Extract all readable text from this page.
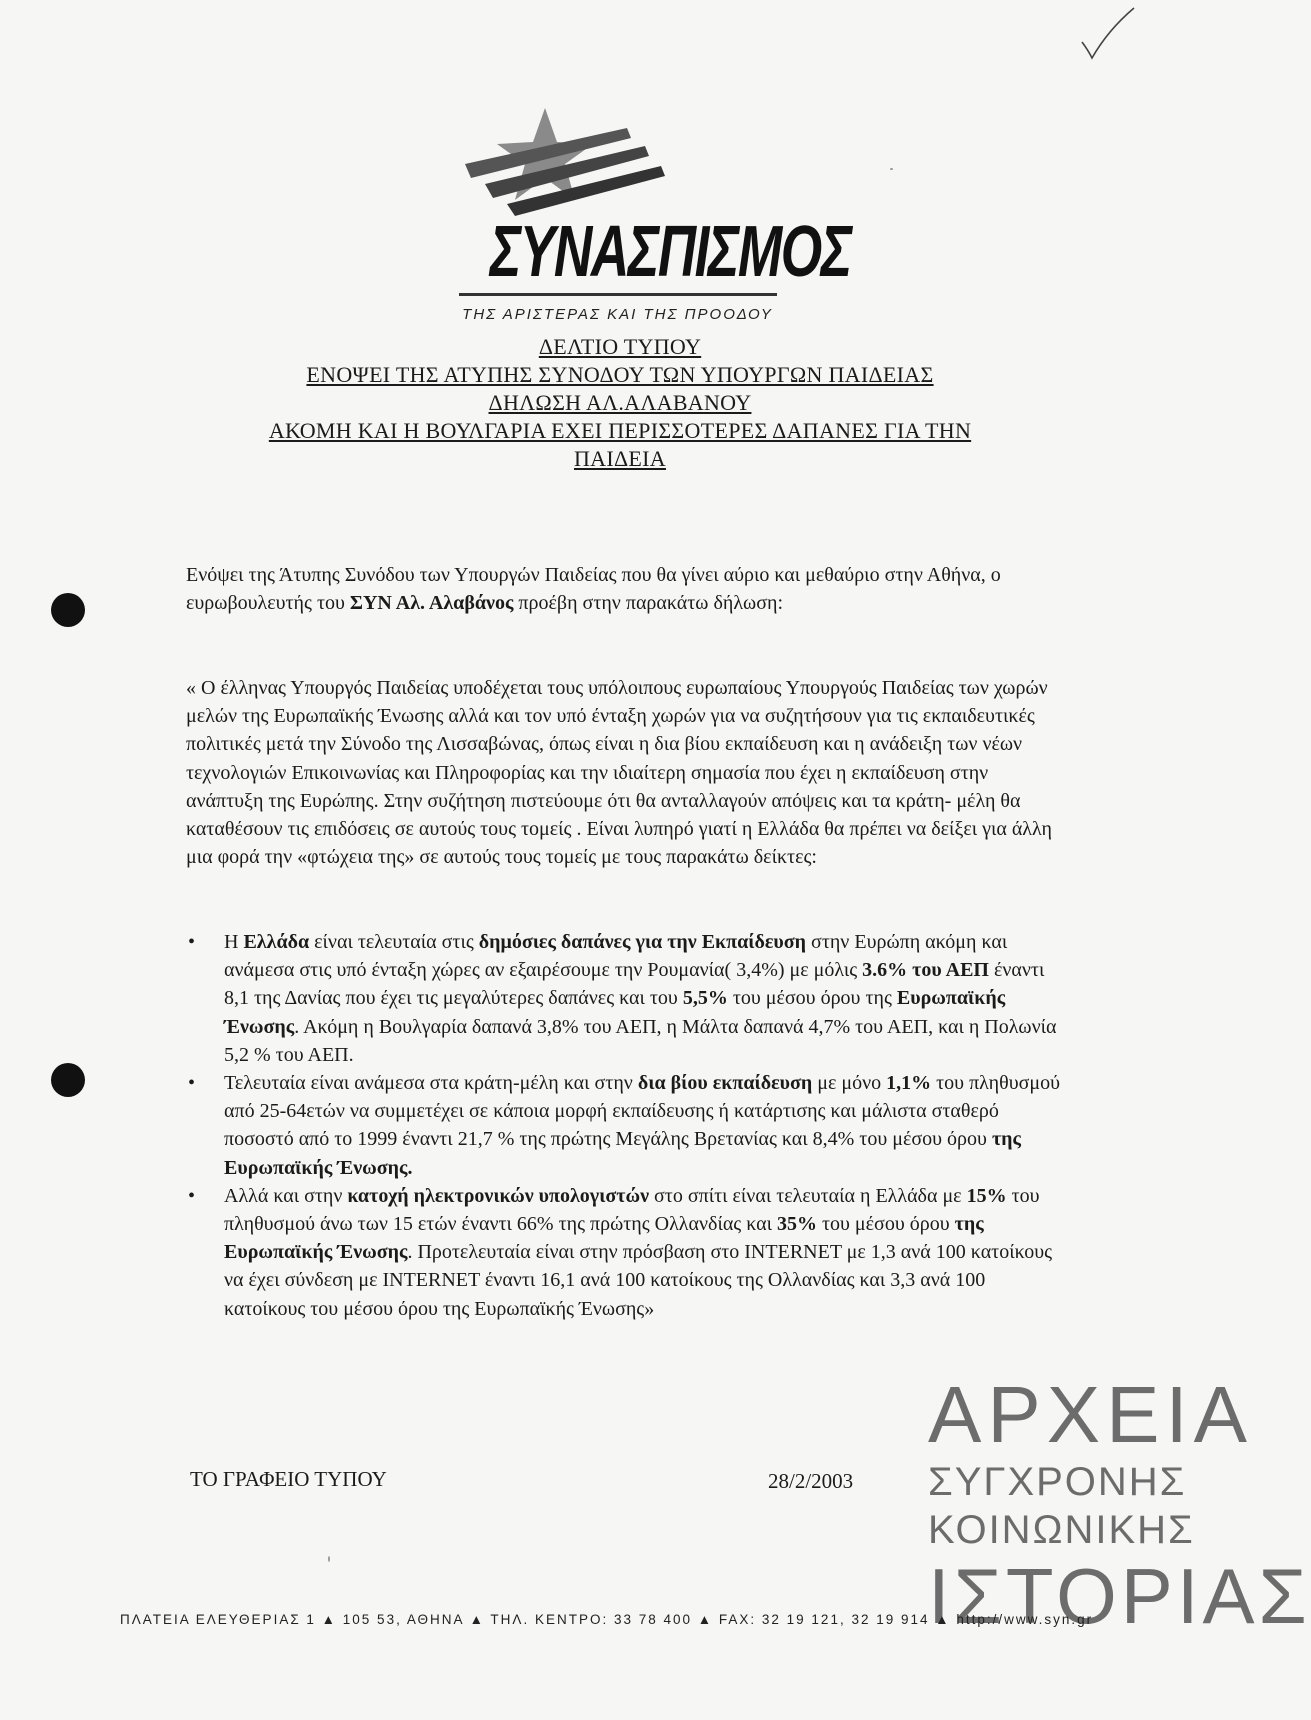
ΣΥΝΑΣΠΙΣΜΟΣ
ΤΗΣ ΑΡΙΣΤΕΡΑΣ ΚΑΙ ΤΗΣ ΠΡΟΟΔΟΥ
ΔΕΛΤΙΟ ΤΥΠΟΥ
ΕΝΟΨΕΙ ΤΗΣ ΑΤΥΠΗΣ ΣΥΝΟΔΟΥ ΤΩΝ ΥΠΟΥΡΓΩΝ ΠΑΙΔΕΙΑΣ
ΔΗΛΩΣΗ ΑΛ.ΑΛΑΒΑΝΟΥ
ΑΚΟΜΗ ΚΑΙ Η ΒΟΥΛΓΑΡΙΑ ΕΧΕΙ ΠΕΡΙΣΣΟΤΕΡΕΣ ΔΑΠΑΝΕΣ ΓΙΑ ΤΗΝ
ΠΑΙΔΕΙΑ
Ενόψει της Άτυπης Συνόδου των Υπουργών Παιδείας που θα γίνει αύριο και μεθαύριο στην Αθήνα, ο ευρωβουλευτής του ΣΥΝ Αλ. Αλαβάνος προέβη στην παρακάτω δήλωση:
« Ο έλληνας Υπουργός Παιδείας υποδέχεται τους υπόλοιπους ευρωπαίους Υπουργούς Παιδείας των χωρών μελών της Ευρωπαϊκής Ένωσης αλλά και τον υπό ένταξη χωρών για να συζητήσουν για τις εκπαιδευτικές πολιτικές μετά την Σύνοδο της Λισσαβώνας, όπως είναι η δια βίου εκπαίδευση και η ανάδειξη των νέων τεχνολογιών Επικοινωνίας και Πληροφορίας και την ιδιαίτερη σημασία που έχει η εκπαίδευση στην ανάπτυξη της Ευρώπης. Στην συζήτηση πιστεύουμε ότι θα ανταλλαγούν απόψεις και τα κράτη- μέλη θα καταθέσουν τις επιδόσεις σε αυτούς τους τομείς . Είναι λυπηρό γιατί η Ελλάδα θα πρέπει να δείξει για άλλη μια φορά την «φτώχεια της» σε αυτούς τους τομείς με τους παρακάτω δείκτες:
• Η Ελλάδα είναι τελευταία στις δημόσιες δαπάνες για την Εκπαίδευση στην Ευρώπη ακόμη και ανάμεσα στις υπό ένταξη χώρες αν εξαιρέσουμε την Ρουμανία( 3,4%) με μόλις 3.6% του ΑΕΠ έναντι 8,1 της Δανίας που έχει τις μεγαλύτερες δαπάνες και του 5,5% του μέσου όρου της Ευρωπαϊκής Ένωσης. Ακόμη η Βουλγαρία δαπανά 3,8% του ΑΕΠ, η Μάλτα δαπανά 4,7% του ΑΕΠ, και η Πολωνία 5,2 % του ΑΕΠ.
• Τελευταία είναι ανάμεσα στα κράτη-μέλη και στην δια βίου εκπαίδευση με μόνο 1,1% του πληθυσμού από 25-64ετών να συμμετέχει σε κάποια μορφή εκπαίδευσης ή κατάρτισης και μάλιστα σταθερό ποσοστό από το 1999 έναντι 21,7 % της πρώτης Μεγάλης Βρετανίας και 8,4% του μέσου όρου της Ευρωπαϊκής Ένωσης.
• Αλλά και στην κατοχή ηλεκτρονικών υπολογιστών στο σπίτι είναι τελευταία η Ελλάδα με 15% του πληθυσμού άνω των 15 ετών έναντι 66% της πρώτης Ολλανδίας και 35% του μέσου όρου της Ευρωπαϊκής Ένωσης. Προτελευταία είναι στην πρόσβαση στο INTERNET με 1,3 ανά 100 κατοίκους να έχει σύνδεση με INTERNET έναντι 16,1 ανά 100 κατοίκους της Ολλανδίας και 3,3 ανά 100 κατοίκους του μέσου όρου της Ευρωπαϊκής Ένωσης»
ΤΟ ΓΡΑΦΕΙΟ ΤΥΠΟΥ	28/2/2003
ΑΡΧΕΙΑ
ΣΥΓΧΡΟΝΗΣ
ΚΟΙΝΩΝΙΚΗΣ
ΙΣΤΟΡΙΑΣ
ΠΛΑΤΕΙΑ ΕΛΕΥΘΕΡΙΑΣ 1 ▲ 105 53, ΑΘΗΝΑ ▲ ΤΗΛ. ΚΕΝΤΡΟ: 33 78 400 ▲ FAX: 32 19 121, 32 19 914 ▲ http://www.syn.gr
